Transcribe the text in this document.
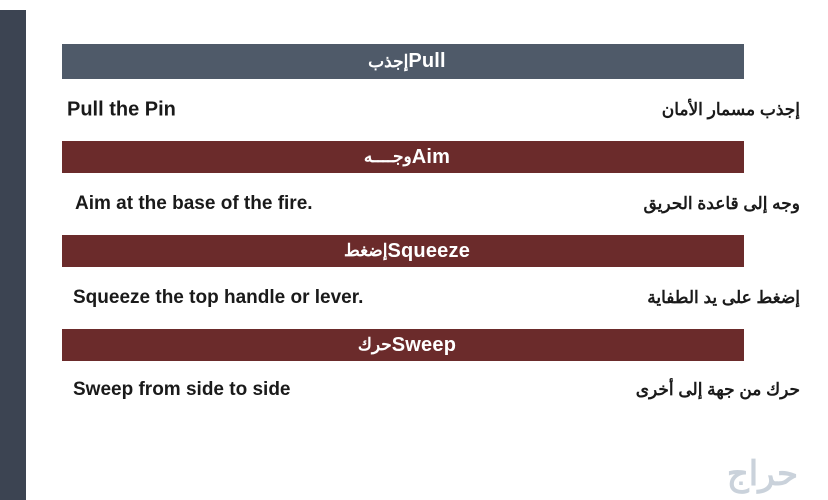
إجذب Pull
Pull the Pin	إجذب مسمار الأمان
وجــــه Aim
Aim at the base of the fire.	وجه إلى قاعدة الحريق
إضغط Squeeze
Squeeze the top handle or lever.	إضغط على يد الطفاية
حرك Sweep
Sweep from side to side	حرك من جهة إلى أخرى
حراج
